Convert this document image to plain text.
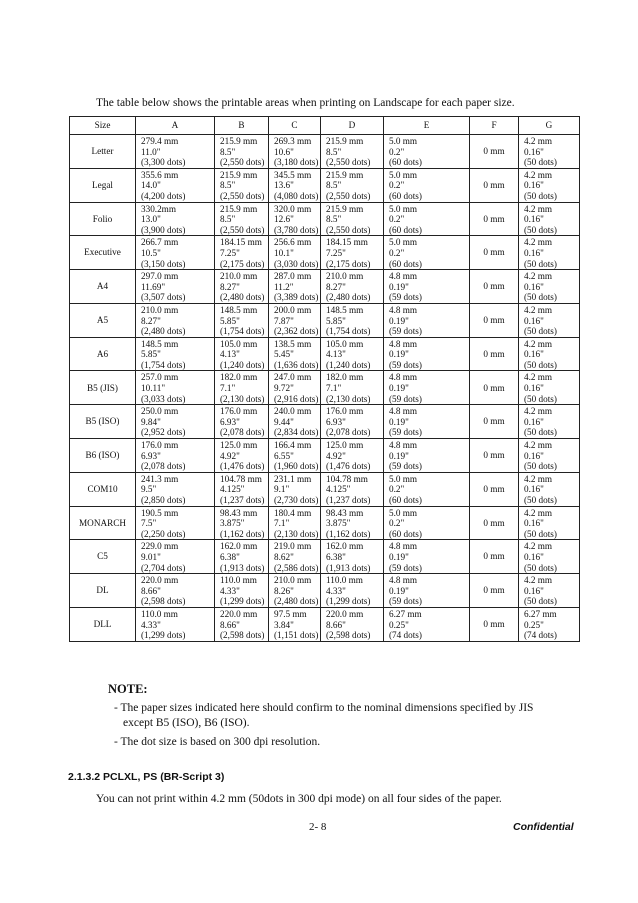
The table below shows the printable areas when printing on Landscape for each paper size.
Size	A	B	C	D	E	F	G
Letter	279.4 mm
11.0"
(3,300 dots)	215.9 mm
8.5"
(2,550 dots)	269.3 mm
10.6"
(3,180 dots)	215.9 mm
8.5"
(2,550 dots)	5.0 mm
0.2"
(60 dots)	0 mm	4.2 mm
0.16"
(50 dots)

Legal	355.6 mm
14.0"
(4,200 dots)	215.9 mm
8.5"
(2,550 dots)	345.5 mm
13.6"
(4,080 dots)	215.9 mm
8.5"
(2,550 dots)	5.0 mm
0.2"
(60 dots)	0 mm	4.2 mm
0.16"
(50 dots)

Folio	330.2mm
13.0"
(3,900 dots)	215.9 mm
8.5"
(2,550 dots)	320.0 mm
12.6"
(3,780 dots)	215.9 mm
8.5"
(2,550 dots)	5.0 mm
0.2"
(60 dots)	0 mm	4.2 mm
0.16"
(50 dots)

Executive	266.7 mm
10.5"
(3,150 dots)	184.15 mm
7.25"
(2,175 dots)	256.6 mm
10.1"
(3,030 dots)	184.15 mm
7.25"
(2,175 dots)	5.0 mm
0.2"
(60 dots)	0 mm	4.2 mm
0.16"
(50 dots)

A4	297.0 mm
11.69"
(3,507 dots)	210.0 mm
8.27"
(2,480 dots)	287.0 mm
11.2"
(3,389 dots)	210.0 mm
8.27"
(2,480 dots)	4.8 mm
0.19"
(59 dots)	0 mm	4.2 mm
0.16"
(50 dots)

A5	210.0 mm
8.27"
(2,480 dots)	148.5 mm
5.85"
(1,754 dots)	200.0 mm
7.87"
(2,362 dots)	148.5 mm
5.85"
(1,754 dots)	4.8 mm
0.19"
(59 dots)	0 mm	4.2 mm
0.16"
(50 dots)

A6	148.5 mm
5.85"
(1,754 dots)	105.0 mm
4.13"
(1,240 dots)	138.5 mm
5.45"
(1,636 dots)	105.0 mm
4.13"
(1,240 dots)	4.8 mm
0.19"
(59 dots)	0 mm	4.2 mm
0.16"
(50 dots)

B5 (JIS)	257.0 mm
10.11"
(3,033 dots)	182.0 mm
7.1"
(2,130 dots)	247.0 mm
9.72"
(2,916 dots)	182.0 mm
7.1"
(2,130 dots)	4.8 mm
0.19"
(59 dots)	0 mm	4.2 mm
0.16"
(50 dots)

B5 (ISO)	250.0 mm
9.84"
(2,952 dots)	176.0 mm
6.93"
(2,078 dots)	240.0 mm
9.44"
(2,834 dots)	176.0 mm
6.93"
(2,078 dots)	4.8 mm
0.19"
(59 dots)	0 mm	4.2 mm
0.16"
(50 dots)

B6 (ISO)	176.0 mm
6.93"
(2,078 dots)	125.0 mm
4.92"
(1,476 dots)	166.4 mm
6.55"
(1,960 dots)	125.0 mm
4.92"
(1,476 dots)	4.8 mm
0.19"
(59 dots)	0 mm	4.2 mm
0.16"
(50 dots)

COM10	241.3 mm
9.5"
(2,850 dots)	104.78 mm
4.125"
(1,237 dots)	231.1 mm
9.1"
(2,730 dots)	104.78 mm
4.125"
(1,237 dots)	5.0 mm
0.2"
(60 dots)	0 mm	4.2 mm
0.16"
(50 dots)

MONARCH	190.5 mm
7.5"
(2,250 dots)	98.43 mm
3.875"
(1,162 dots)	180.4 mm
7.1"
(2,130 dots)	98.43 mm
3.875"
(1,162 dots)	5.0 mm
0.2"
(60 dots)	0 mm	4.2 mm
0.16"
(50 dots)

C5	229.0 mm
9.01"
(2,704 dots)	162.0 mm
6.38"
(1,913 dots)	219.0 mm
8.62"
(2,586 dots)	162.0 mm
6.38"
(1,913 dots)	4.8 mm
0.19"
(59 dots)	0 mm	4.2 mm
0.16"
(50 dots)

DL	220.0 mm
8.66"
(2,598 dots)	110.0 mm
4.33"
(1,299 dots)	210.0 mm
8.26"
(2,480 dots)	110.0 mm
4.33"
(1,299 dots)	4.8 mm
0.19"
(59 dots)	0 mm	4.2 mm
0.16"
(50 dots)

DLL	110.0 mm
4.33"
(1,299 dots)	220.0 mm
8.66"
(2,598 dots)	97.5 mm
3.84"
(1,151 dots)	220.0 mm
8.66"
(2,598 dots)	6.27 mm
0.25"
(74 dots)	0 mm	6.27 mm
0.25"
(74 dots)
NOTE:
- The paper sizes indicated here should confirm to the nominal dimensions specified by JIS
except B5 (ISO), B6 (ISO).
- The dot size is based on 300 dpi resolution.
2.1.3.2 PCLXL, PS (BR-Script 3)
You can not print within 4.2 mm (50dots in 300 dpi mode) on all four sides of the paper.
2- 8	Confidential
